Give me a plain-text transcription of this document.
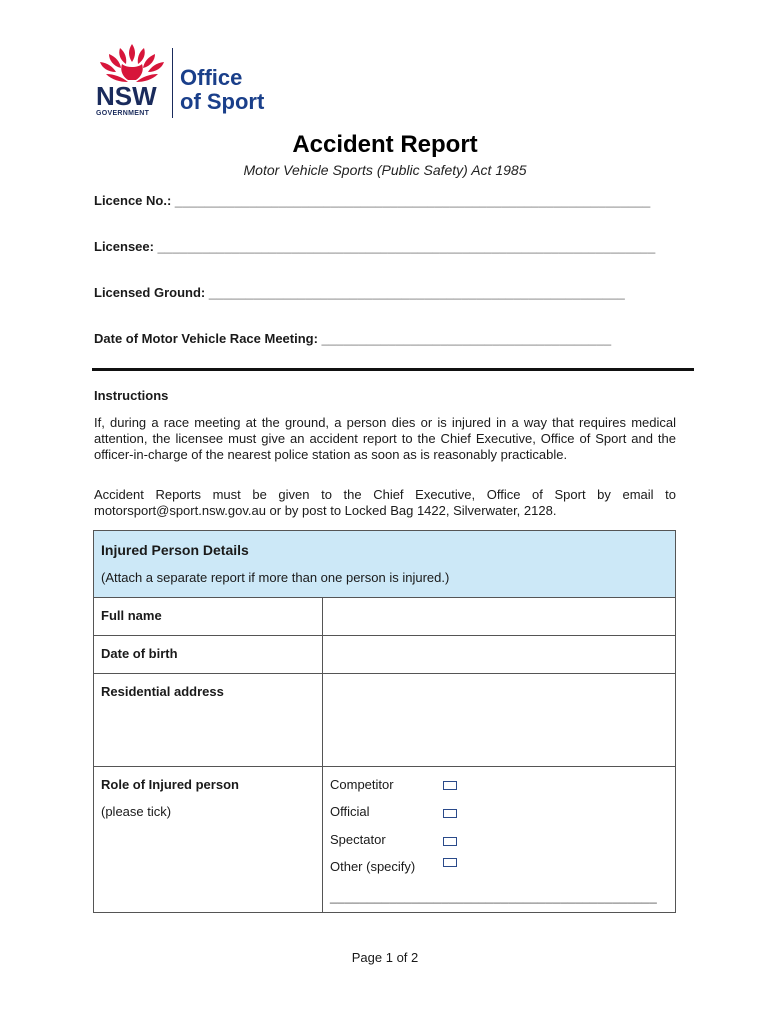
NSW
GOVERNMENT
Office
of Sport
Accident Report
Motor Vehicle Sports (Public Safety) Act 1985
Licence No.: ________________________________________________________________
Licensee: ___________________________________________________________________
Licensed Ground: ________________________________________________________
Date of Motor Vehicle Race Meeting: _______________________________________
Instructions
If, during a race meeting at the ground, a person dies or is injured in a way that requires medical attention, the licensee must give an accident report to the Chief Executive, Office of Sport and the officer-in-charge of the nearest police station as soon as is reasonably practicable.
Accident Reports must be given to the Chief Executive, Office of Sport by email to motorsport@sport.nsw.gov.au or by post to Locked Bag 1422, Silverwater, 2128.
Injured Person Details
(Attach a separate report if more than one person is injured.)
Full name
Date of birth
Residential address
Role of Injured person
(please tick)
Competitor
Official
Spectator
Other (specify)
____________________________________________
Page 1 of 2
